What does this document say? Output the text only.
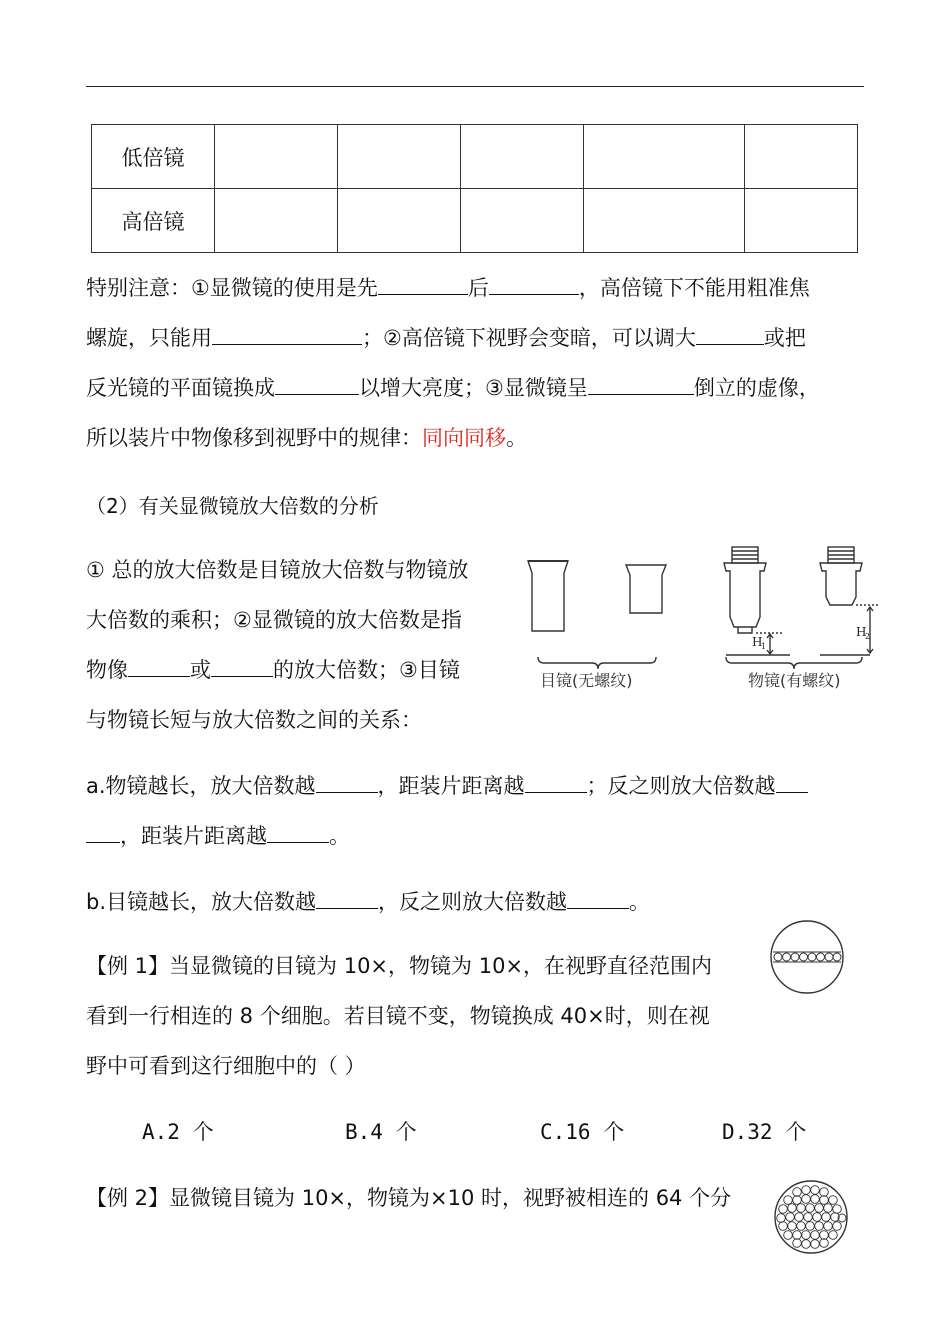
低倍镜					
高倍镜					
特别注意：①显微镜的使用是先	后	，高倍镜下不能用粗准焦
螺旋，只能用	；②高倍镜下视野会变暗，可以调大	或把
反光镜的平面镜换成	以增大亮度；③显微镜呈	倒立的虚像，
所以装片中物像移到视野中的规律：同向同移。
（2）有关显微镜放大倍数的分析
① 总的放大倍数是目镜放大倍数与物镜放
大倍数的乘积；②显微镜的放大倍数是指
物像	或	的放大倍数；③目镜
与物镜长短与放大倍数之间的关系：
H
1
H
2
目镜(无螺纹)	物镜(有螺纹)
a.物镜越长，放大倍数越	，距装片距离越	；反之则放大倍数越
，距装片距离越	。
b.目镜越长，放大倍数越	，反之则放大倍数越	。
【例 1】当显微镜的目镜为 10×，物镜为 10×，在视野直径范围内
看到一行相连的 8 个细胞。若目镜不变，物镜换成 40×时，则在视
野中可看到这行细胞中的（ ）
A.2 个	B.4 个	C.16 个	D.32 个
【例 2】显微镜目镜为 10×，物镜为×10 时，视野被相连的 64 个分
